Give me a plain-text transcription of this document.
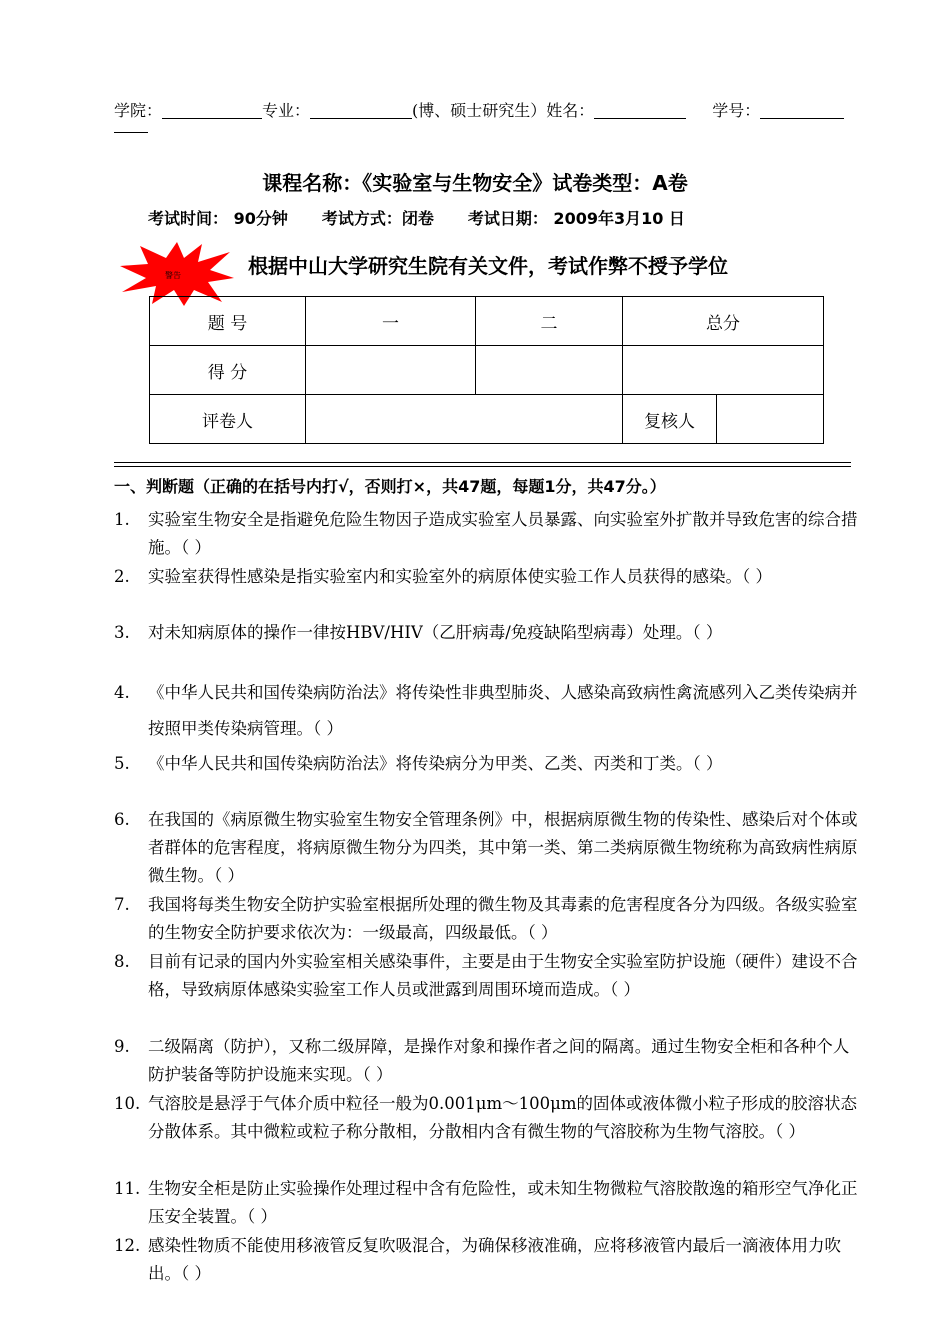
学院：	专业：	(博、硕士研究生）姓名：	学号：
课程名称：《实验室与生物安全》试卷类型：A卷
考试时间： 90分钟 考试方式：闭卷 考试日期： 2009年3月10 日
警告	根据中山大学研究生院有关文件，考试作弊不授予学位
题 号	一	二	总分	
得 分				
评卷人			复核人	
一、判断题（正确的在括号内打√，否则打×，共47题，每题1分，共47分。）
1.	实验室生物安全是指避免危险生物因子造成实验室人员暴露、向实验室外扩散并导致危害的综合措施。（ ）
2.	实验室获得性感染是指实验室内和实验室外的病原体使实验工作人员获得的感染。（ ）
3.	对未知病原体的操作一律按HBV/HIV（乙肝病毒/免疫缺陷型病毒）处理。（ ）
4.	《中华人民共和国传染病防治法》将传染性非典型肺炎、人感染高致病性禽流感列入乙类传染病并按照甲类传染病管理。（ ）
5.	《中华人民共和国传染病防治法》将传染病分为甲类、乙类、丙类和丁类。（ ）
6.	在我国的《病原微生物实验室生物安全管理条例》中，根据病原微生物的传染性、感染后对个体或者群体的危害程度，将病原微生物分为四类，其中第一类、第二类病原微生物统称为高致病性病原微生物。（ ）
7.	我国将每类生物安全防护实验室根据所处理的微生物及其毒素的危害程度各分为四级。各级实验室的生物安全防护要求依次为：一级最高，四级最低。（ ）
8.	目前有记录的国内外实验室相关感染事件，主要是由于生物安全实验室防护设施（硬件）建设不合格，导致病原体感染实验室工作人员或泄露到周围环境而造成。（ ）
9.	二级隔离（防护），又称二级屏障，是操作对象和操作者之间的隔离。通过生物安全柜和各种个人防护装备等防护设施来实现。（ ）
10. 气溶胶是悬浮于气体介质中粒径一般为0.001μm～100μm的固体或液体微小粒子形成的胶溶状态分散体系。其中微粒或粒子称分散相，分散相内含有微生物的气溶胶称为生物气溶胶。（ ）
11. 生物安全柜是防止实验操作处理过程中含有危险性，或未知生物微粒气溶胶散逸的箱形空气净化正压安全装置。（ ）
12. 感染性物质不能使用移液管反复吹吸混合，为确保移液准确，应将移液管内最后一滴液体用力吹出。（ ）
